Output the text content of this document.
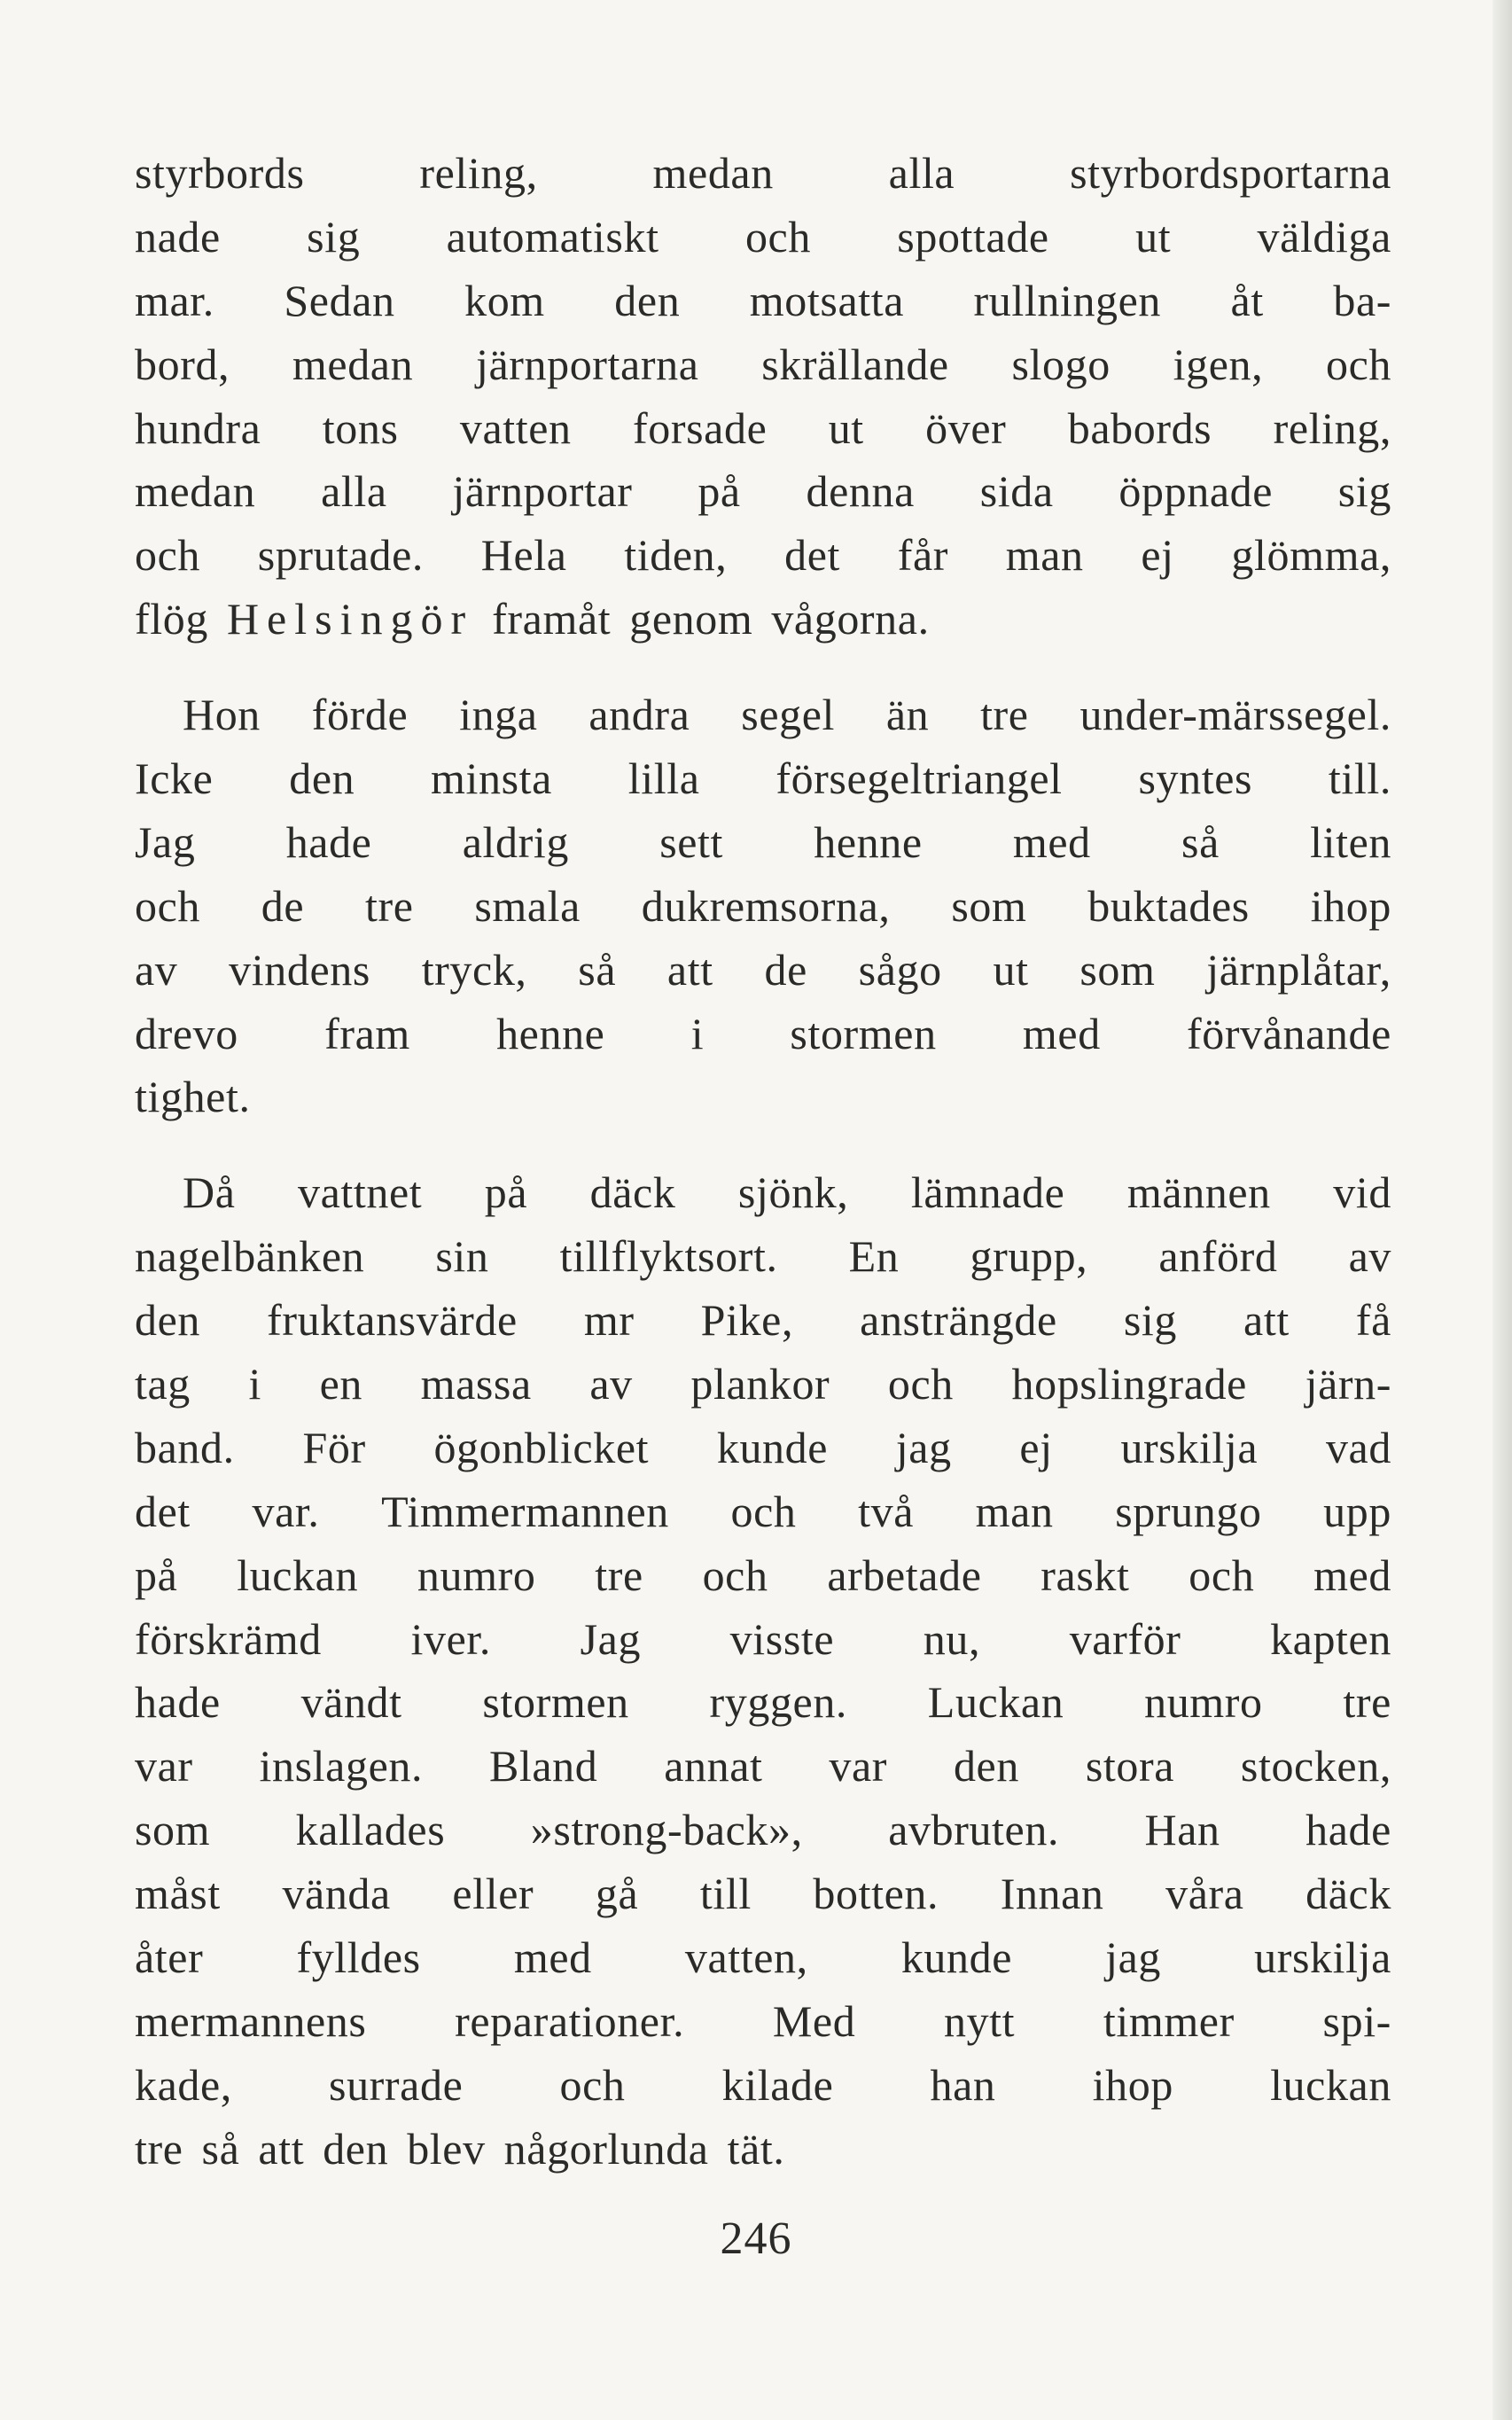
styrbords	reling,	medan	alla	styrbordsportarna
nade sig automatiskt och spottade ut väldiga
mar. Sedan kom den motsatta rullningen åt ba-
bord, medan järnportarna skrällande slogo igen, och
hundra tons vatten forsade ut över babords reling,
medan alla järnportar på denna sida öppnade sig
och sprutade. Hela tiden, det får man ej glömma,
flög Helsingör framåt genom vågorna.
Hon förde inga andra segel än tre under-märssegel.
Icke den minsta lilla försegeltriangel syntes till.
Jag hade aldrig sett henne med så liten
och de tre smala dukremsorna, som buktades ihop
av vindens tryck, så att de sågo ut som järnplåtar,
drevo fram henne i stormen med förvånande
tighet.
Då vattnet på däck sjönk, lämnade männen vid
nagelbänken sin tillflyktsort. En grupp, anförd av
den fruktansvärde mr Pike, ansträngde sig att få
tag i en massa av plankor och hopslingrade järn-
band. För ögonblicket kunde jag ej urskilja vad
det var. Timmermannen och två man sprungo upp
på luckan numro tre och arbetade raskt och med
förskrämd iver. Jag visste nu, varför kapten
hade vändt stormen ryggen. Luckan numro tre
var inslagen. Bland annat var den stora stocken,
som kallades »strong-back», avbruten. Han hade
måst vända eller gå till botten. Innan våra däck
åter fylldes med vatten, kunde jag urskilja
mermannens reparationer. Med nytt timmer spi-
kade, surrade och kilade han ihop luckan
tre så att den blev någorlunda tät.
246
